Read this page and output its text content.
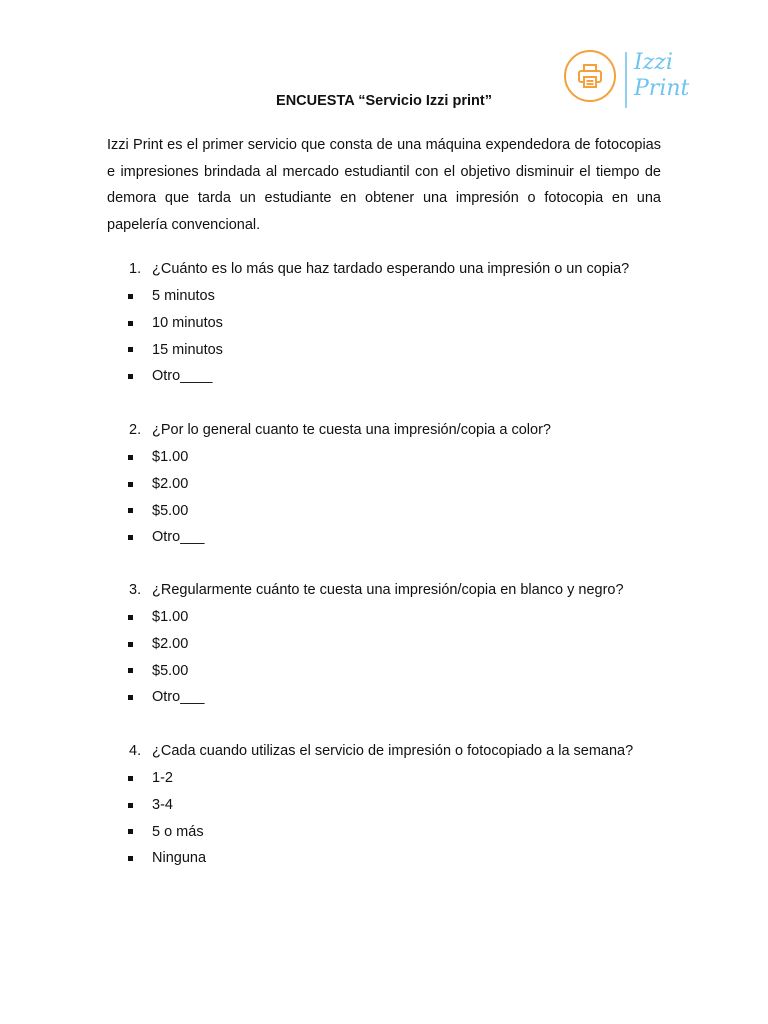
Izzi
Print
ENCUESTA “Servicio Izzi print”

Izzi Print es el primer servicio que consta de una máquina expendedora de fotocopias e impresiones brindada al mercado estudiantil con el objetivo disminuir el tiempo de demora que tarda un estudiante en obtener una impresión o fotocopia en una papelería convencional.

1. ¿Cuánto es lo más que haz tardado esperando una impresión o un copia?
5 minutos
10 minutos
15 minutos
Otro____
2. ¿Por lo general cuanto te cuesta una impresión/copia a color?
$1.00
$2.00
$5.00
Otro___
3. ¿Regularmente cuánto te cuesta una impresión/copia en blanco y negro?
$1.00
$2.00
$5.00
Otro___
4. ¿Cada cuando utilizas el servicio de impresión o fotocopiado a la semana?
1-2
3-4
5 o más
Ninguna
